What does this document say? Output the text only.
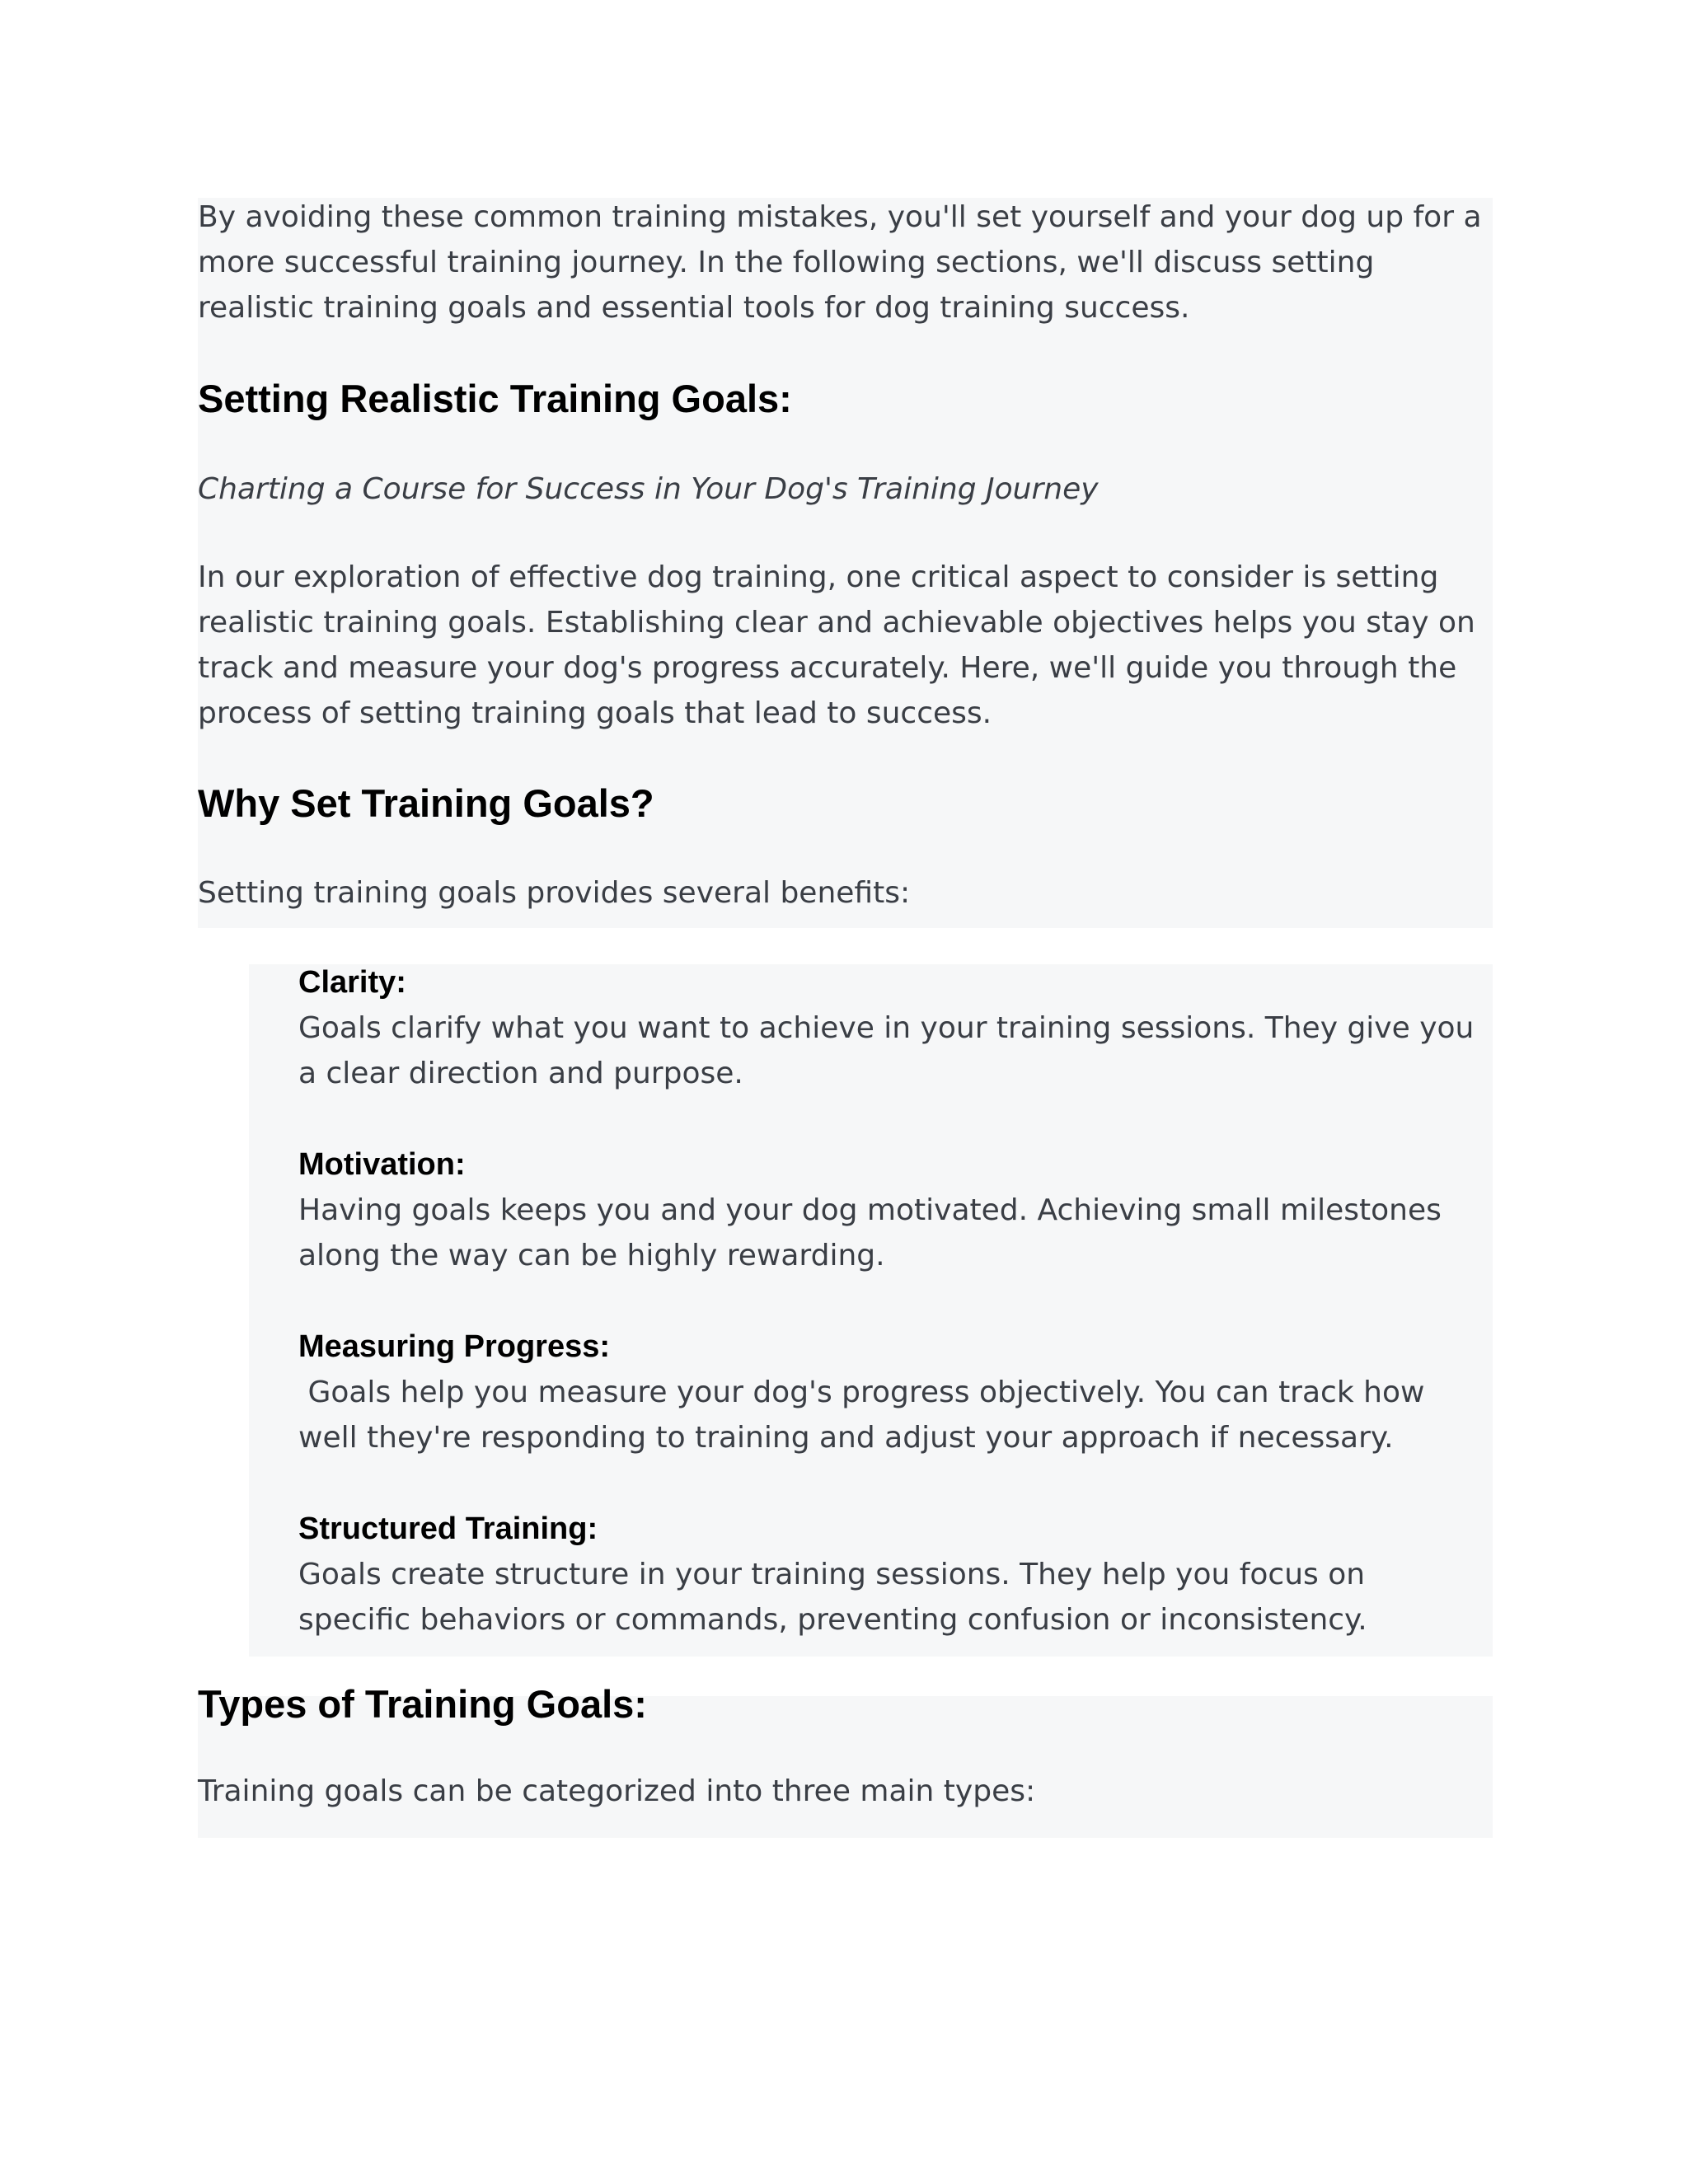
By avoiding these common training mistakes, you'll set yourself and your dog up for a more successful training journey. In the following sections, we'll discuss setting realistic training goals and essential tools for dog training success.

Setting Realistic Training Goals:

Charting a Course for Success in Your Dog's Training Journey

In our exploration of effective dog training, one critical aspect to consider is setting realistic training goals. Establishing clear and achievable objectives helps you stay on track and measure your dog's progress accurately. Here, we'll guide you through the process of setting training goals that lead to success.

Why Set Training Goals?

Setting training goals provides several benefits:

Clarity:

Goals clarify what you want to achieve in your training sessions. They give you a clear direction and purpose.

Motivation:

Having goals keeps you and your dog motivated. Achieving small milestones along the way can be highly rewarding.

Measuring Progress:

Goals help you measure your dog's progress objectively. You can track how well they're responding to training and adjust your approach if necessary.

Structured Training:

Goals create structure in your training sessions. They help you focus on specific behaviors or commands, preventing confusion or inconsistency.

Types of Training Goals:

Training goals can be categorized into three main types:
